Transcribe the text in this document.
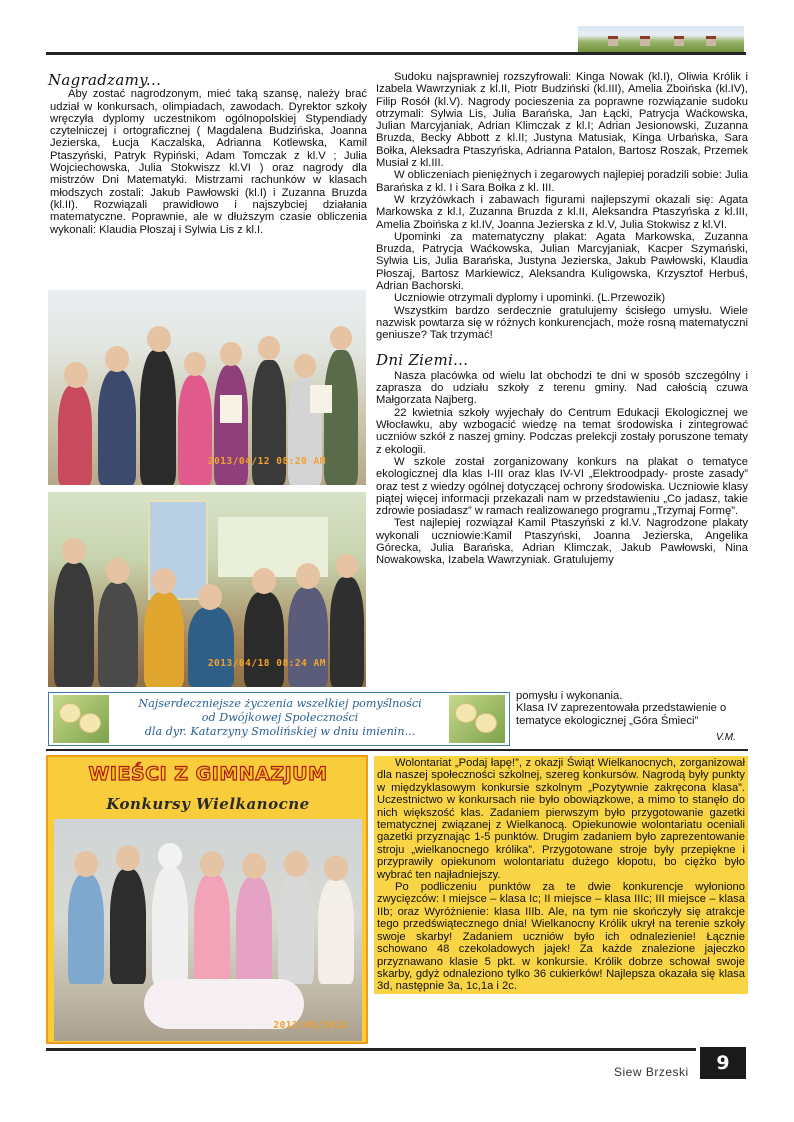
Nagradzamy...

Aby zostać nagrodzonym, mieć taką szansę, należy brać udział w konkursach, olimpiadach, zawodach. Dyrektor szkoły wręczyła dyplomy uczestnikom ogólnopolskiej Stypendiady czytelniczej i ortograficznej ( Magdalena Budzińska, Joanna Jezierska, Łucja Kaczalska, Adrianna Kotlewska, Kamil Ptaszyński, Patryk Rypiński, Adam Tomczak z kl.V ; Julia Wojciechowska, Julia Stokwiszz kl.VI ) oraz nagrody dla mistrzów Dni Matematyki. Mistrzami rachunków w klasach młodszych zostali: Jakub Pawłowski (kl.I) i Zuzanna Bruzda (kl.II). Rozwiązali prawidłowo i najszybciej działania matematyczne. Poprawnie, ale w dłuższym czasie obliczenia wykonali: Klaudia Płoszaj i Sylwia Lis z kl.I.

2013/04/12 08:20 AM
2013/04/18 08:24 AM

Sudoku najsprawniej rozszyfrowali: Kinga Nowak (kl.I), Oliwia Królik i Izabela Wawrzyniak z kl.II, Piotr Budziński (kl.III), Amelia Zboińska (kl.IV), Filip Rosół (kl.V). Nagrody pocieszenia za poprawne rozwiązanie sudoku otrzymali: Sylwia Lis, Julia Barańska, Jan Łącki, Patrycja Waćkowska, Julian Marcyjaniak, Adrian Klimczak z kl.I; Adrian Jesionowski, Zuzanna Bruzda, Becky Abbott z kl.II; Justyna Matusiak, Kinga Urbańska, Sara Bołka, Aleksadra Ptaszyńska, Adrianna Patalon, Bartosz Roszak, Przemek Musiał z kl.III.

W obliczeniach pieniężnych i zegarowych najlepiej poradzili sobie: Julia Barańska z kl. I i Sara Bołka z kl. III.

W krzyżówkach i zabawach figurami najlepszymi okazali się: Agata Markowska z kl.I, Zuzanna Bruzda z kl.II, Aleksandra Ptaszyńska z kl.III, Amelia Zboińska z kl.IV, Joanna Jezierska z kl.V, Julia Stokwisz z kl.VI.

Upominki za matematyczny plakat: Agata Markowska, Zuzanna Bruzda, Patrycja Waćkowska, Julian Marcyjaniak, Kacper Szymański, Sylwia Lis, Julia Barańska, Justyna Jezierska, Jakub Pawłowski, Klaudia Płoszaj, Bartosz Markiewicz, Aleksandra Kuligowska, Krzysztof Herbuś, Adrian Bachorski.

Uczniowie otrzymali dyplomy i upominki. (L.Przewozik)

Wszystkim bardzo serdecznie gratulujemy ścisłego umysłu. Wiele nazwisk powtarza się w różnych konkurencjach, może rosną matematyczni geniusze? Tak trzymać!

Dni Ziemi...

Nasza placówka od wielu lat obchodzi te dni w sposób szczególny i zaprasza do udziału szkoły z terenu gminy. Nad całością czuwa Małgorzata Najberg.

22 kwietnia szkoły wyjechały do Centrum Edukacji Ekologicznej we Włocławku, aby wzbogacić wiedzę na temat środowiska i zintegrować uczniów szkół z naszej gminy. Podczas prelekcji zostały poruszone tematy z ekologii.

W szkole został zorganizowany konkurs na plakat o tematyce ekologicznej dla klas I-III oraz klas IV-VI „Elektroodpady- proste zasady” oraz test z wiedzy ogólnej dotyczącej ochrony środowiska. Uczniowie klasy piątej więcej informacji przekazali nam w przedstawieniu „Co jadasz, takie zdrowie posiadasz” w ramach realizowanego programu „Trzymaj Formę”.

Test najlepiej rozwiązał Kamil Ptaszyński z kl.V. Nagrodzone plakaty wykonali uczniowie:Kamil Ptaszyński, Joanna Jezierska, Angelika Górecka, Julia Barańska, Adrian Klimczak, Jakub Pawłowski, Nina Nowakowska, Izabela Wawrzyniak. Gratulujemy

Najserdeczniejsze życzenia wszelkiej pomyślności
od Dwójkowej Społeczności
dla dyr. Katarzyny Smolińskiej w dniu imienin...
pomysłu i wykonania.
Klasa IV zaprezentowała przedstawienie o tematyce ekologicznej „Góra Śmieci”
V.M.
WIEŚCI Z GIMNAZJUM
Konkursy Wielkanocne
2013/03/2013

Wolontariat „Podaj łapę!”, z okazji Świąt Wielkanocnych, zorganizował dla naszej społeczności szkolnej, szereg konkursów. Nagrodą były punkty w międzyklasowym konkursie szkolnym „Pozytywnie zakręcona klasa”. Uczestnictwo w konkursach nie było obowiązkowe, a mimo to stanęło do nich większość klas. Zadaniem pierwszym było przygotowanie gazetki tematycznej związanej z Wielkanocą. Opiekunowie wolontariatu oceniali gazetki przyznając 1-5 punktów. Drugim zadaniem było zaprezentowanie stroju „wielkanocnego królika”. Przygotowane stroje były przepiękne i przyprawiły opiekunom wolontariatu dużego kłopotu, bo ciężko było wybrać ten najładniejszy.

Po podliczeniu punktów za te dwie konkurencje wyłoniono zwycięzców: I miejsce – klasa Ic; II miejsce – klasa IIIc; III miejsce – klasa IIb; oraz Wyróżnienie: klasa IIIb. Ale, na tym nie skończyły się atrakcje tego przedświątecznego dnia! Wielkanocny Królik ukrył na terenie szkoły swoje skarby! Zadaniem uczniów było ich odnalezienie! Łącznie schowano 48 czekoladowych jajek! Za każde znalezione jajeczko przyznawano klasie 5 pkt. w konkursie. Królik dobrze schował swoje skarby, gdyż odnaleziono tylko 36 cukierków! Najlepsza okazała się klasa 3d, następnie 3a, 1c,1a i 2c.

Siew Brzeski	9
